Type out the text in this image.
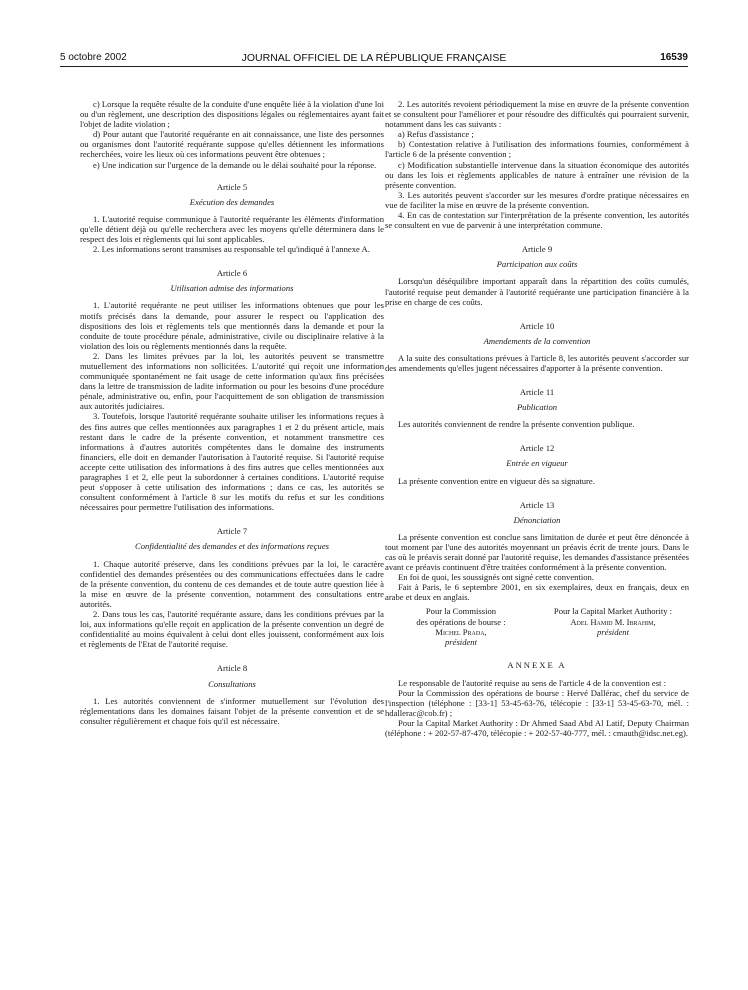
5 octobre 2002	JOURNAL OFFICIEL DE LA RÉPUBLIQUE FRANÇAISE	16539

c) Lorsque la requête résulte de la conduite d'une enquête liée à la violation d'une loi ou d'un règlement, une description des dispositions légales ou réglementaires ayant fait l'objet de ladite violation ;

d) Pour autant que l'autorité requérante en ait connaissance, une liste des personnes ou organismes dont l'autorité requérante suppose qu'elles détiennent les informations recherchées, voire les lieux où ces informations peuvent être obtenues ;

e) Une indication sur l'urgence de la demande ou le délai souhaité pour la réponse.

Article 5
Exécution des demandes

1. L'autorité requise communique à l'autorité requérante les éléments d'information qu'elle détient déjà ou qu'elle recherchera avec les moyens qu'elle déterminera dans le respect des lois et règlements qui lui sont applicables.

2. Les informations seront transmises au responsable tel qu'indiqué à l'annexe A.

Article 6
Utilisation admise des informations

1. L'autorité requérante ne peut utiliser les informations obtenues que pour les motifs précisés dans la demande, pour assurer le respect ou l'application des dispositions des lois et règlements tels que mentionnés dans la demande et pour la conduite de toute procédure pénale, administrative, civile ou disciplinaire relative à la violation des lois ou règlements mentionnés dans la requête.

2. Dans les limites prévues par la loi, les autorités peuvent se transmettre mutuellement des informations non sollicitées. L'autorité qui reçoit une information communiquée spontanément ne fait usage de cette information qu'aux fins précisées dans la lettre de transmission de ladite information ou pour les besoins d'une procédure pénale, administrative ou, enfin, pour l'acquittement de son obligation de transmission aux autorités judiciaires.

3. Toutefois, lorsque l'autorité requérante souhaite utiliser les informations reçues à des fins autres que celles mentionnées aux paragraphes 1 et 2 du présent article, mais restant dans le cadre de la présente convention, et notamment transmettre ces informations à d'autres autorités compétentes dans le domaine des instruments financiers, elle doit en demander l'autorisation à l'autorité requise. Si l'autorité requise accepte cette utilisation des informations à des fins autres que celles mentionnées aux paragraphes 1 et 2, elle peut la subordonner à certaines conditions. L'autorité requise peut s'opposer à cette utilisation des informations ; dans ce cas, les autorités se consultent conformément à l'article 8 sur les motifs du refus et sur les conditions nécessaires pour permettre l'utilisation des informations.

Article 7
Confidentialité des demandes et des informations reçues

1. Chaque autorité préserve, dans les conditions prévues par la loi, le caractère confidentiel des demandes présentées ou des communications effectuées dans le cadre de la présente convention, du contenu de ces demandes et de toute autre question liée à la mise en œuvre de la présente convention, notamment des consultations entre autorités.

2. Dans tous les cas, l'autorité requérante assure, dans les conditions prévues par la loi, aux informations qu'elle reçoit en application de la présente convention un degré de confidentialité au moins équivalent à celui dont elles jouissent, conformément aux lois et règlements de l'Etat de l'autorité requise.

Article 8
Consultations

1. Les autorités conviennent de s'informer mutuellement sur l'évolution des réglementations dans les domaines faisant l'objet de la présente convention et de se consulter régulièrement et chaque fois qu'il est nécessaire.

2. Les autorités revoient périodiquement la mise en œuvre de la présente convention et se consultent pour l'améliorer et pour résoudre des difficultés qui pourraient survenir, notamment dans les cas suivants :

a) Refus d'assistance ;

b) Contestation relative à l'utilisation des informations fournies, conformément à l'article 6 de la présente convention ;

c) Modification substantielle intervenue dans la situation économique des autorités ou dans les lois et règlements applicables de nature à entraîner une révision de la présente convention.

3. Les autorités peuvent s'accorder sur les mesures d'ordre pratique nécessaires en vue de faciliter la mise en œuvre de la présente convention.

4. En cas de contestation sur l'interprétation de la présente convention, les autorités se consultent en vue de parvenir à une interprétation commune.

Article 9
Participation aux coûts

Lorsqu'un déséquilibre important apparaît dans la répartition des coûts cumulés, l'autorité requise peut demander à l'autorité requérante une participation financière à la prise en charge de ces coûts.

Article 10
Amendements de la convention

A la suite des consultations prévues à l'article 8, les autorités peuvent s'accorder sur des amendements qu'elles jugent nécessaires d'apporter à la présente convention.

Article 11
Publication

Les autorités conviennent de rendre la présente convention publique.

Article 12
Entrée en vigueur

La présente convention entre en vigueur dès sa signature.

Article 13
Dénonciation

La présente convention est conclue sans limitation de durée et peut être dénoncée à tout moment par l'une des autorités moyennant un préavis écrit de trente jours. Dans le cas où le préavis serait donné par l'autorité requise, les demandes d'assistance présentées avant ce préavis continuent d'être traitées conformément à la présente convention.

En foi de quoi, les soussignés ont signé cette convention.

Fait à Paris, le 6 septembre 2001, en six exemplaires, deux en français, deux en arabe et deux en anglais.

Pour la Commission
des opérations de bourse :
Michel Prada,
président
Pour la Capital Market Authority :
Adel Hamid M. Ibrahim,
président
ANNEXE A

Le responsable de l'autorité requise au sens de l'article 4 de la convention est :

Pour la Commission des opérations de bourse : Hervé Dallérac, chef du service de l'inspection (téléphone : [33-1] 53-45-63-76, télécopie : [33-1] 53-45-63-70, mél. : hdallerac@cob.fr) ;

Pour la Capital Market Authority : Dr Ahmed Saad Abd Al Latif, Deputy Chairman (téléphone : + 202-57-87-470, télécopie : + 202-57-40-777, mél. : cmauth@idsc.net.eg).
